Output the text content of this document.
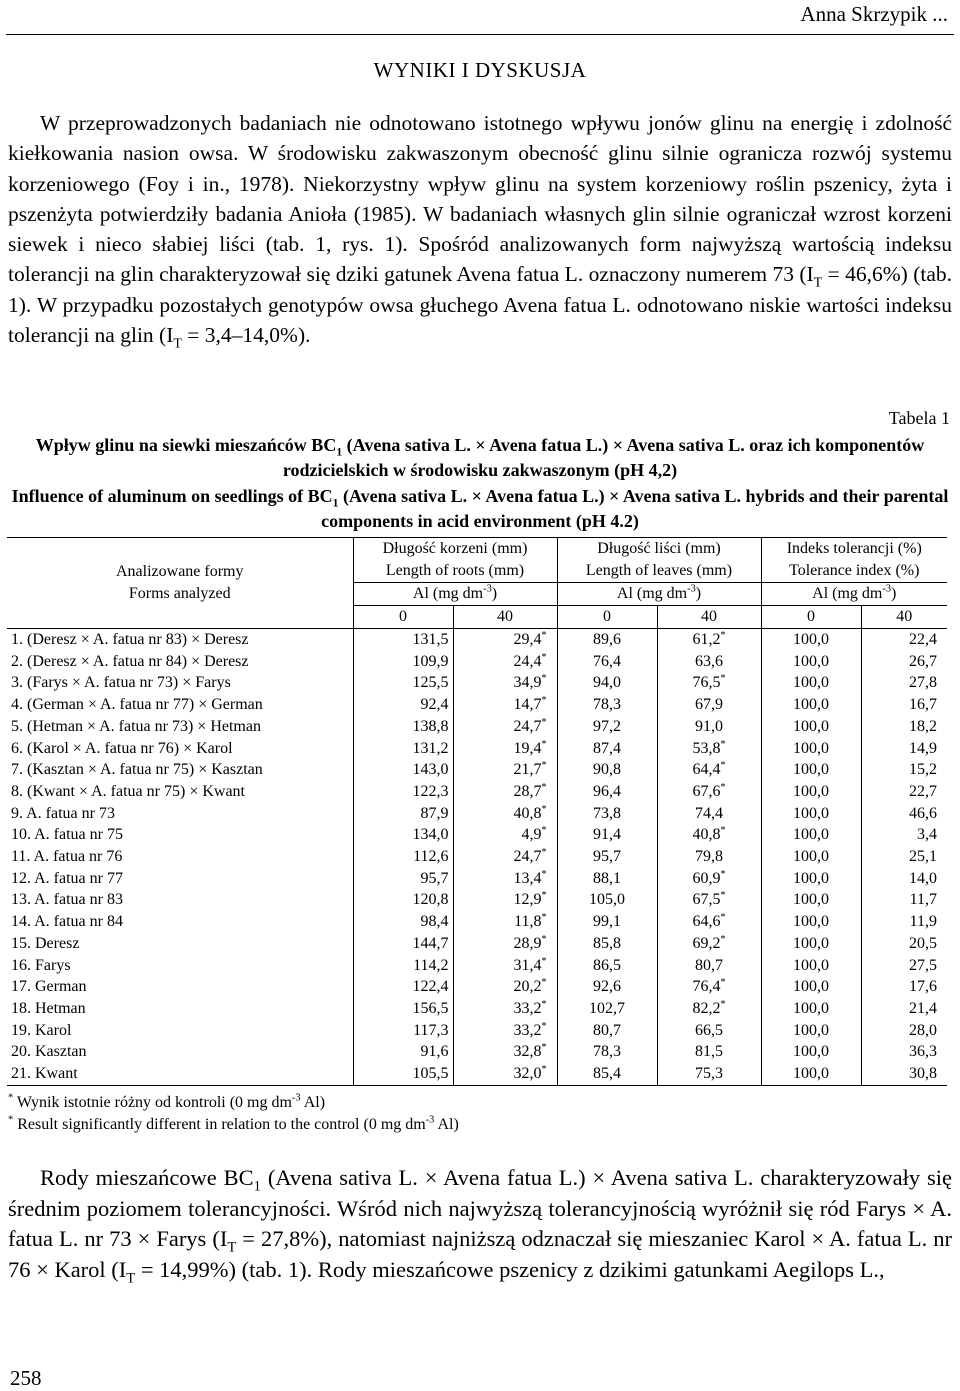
Anna Skrzypik ...
WYNIKI I DYSKUSJA

W przeprowadzonych badaniach nie odnotowano istotnego wpływu jonów glinu na energię i zdolność kiełkowania nasion owsa. W środowisku zakwaszonym obecność glinu silnie ogranicza rozwój systemu korzeniowego (Foy i in., 1978). Niekorzystny wpływ glinu na system korzeniowy roślin pszenicy, żyta i pszenżyta potwierdziły badania Anioła (1985). W badaniach własnych glin silnie ograniczał wzrost korzeni siewek i nieco słabiej liści (tab. 1, rys. 1). Spośród analizowanych form najwyższą wartością indeksu tolerancji na glin charakteryzował się dziki gatunek Avena fatua L. oznaczony numerem 73 $(I_T = 46,6\%)$ (tab. 1). W przypadku pozostałych genotypów owsa głuchego Avena fatua L. odnotowano niskie wartości indeksu tolerancji na glin $(I_T = 3,4-14,0\%)$.

Tabela 1

Wpływ glinu na siewki mieszańców $BC_1$ (Avena sativa L. × Avena fatua L.) × Avena sativa L. oraz ich komponentów rodzicielskich w środowisku zakwaszonym (pH 4,2)

Influence of aluminum on seedlings of $BC_1$ (Avena sativa L. × Avena fatua L.) × Avena sativa L. hybrids and their parental components in acid environment (pH 4.2)

Analizowane formy
Forms analyzed	Długość korzeni (mm)		Długość liści (mm)		Indeks tolerancji (%)	
	Length of roots (mm)		Length of leaves (mm)		Tolerance index (%)	
	Al (mg $dm^{-3}$)		Al (mg $dm^{-3}$)		Al (mg $dm^{-3}$)	
	0	40	0	40	0	40
1. (Deresz × A. fatua nr 83) × Deresz	131,5	29,4*	89,6	61,2*	100,0	22,4
2. (Deresz × A. fatua nr 84) × Deresz	109,9	24,4*	76,4	63,6	100,0	26,7
3. (Farys × A. fatua nr 73) × Farys	125,5	34,9*	94,0	76,5*	100,0	27,8
4. (German × A. fatua nr 77) × German	92,4	14,7*	78,3	67,9	100,0	16,7
5. (Hetman × A. fatua nr 73) × Hetman	138,8	24,7*	97,2	91,0	100,0	18,2
6. (Karol × A. fatua nr 76) × Karol	131,2	19,4*	87,4	53,8*	100,0	14,9
7. (Kasztan × A. fatua nr 75) × Kasztan	143,0	21,7*	90,8	64,4*	100,0	15,2
8. (Kwant × A. fatua nr 75) × Kwant	122,3	28,7*	96,4	67,6*	100,0	22,7
9. A. fatua nr 73	87,9	40,8*	73,8	74,4	100,0	46,6
10. A. fatua nr 75	134,0	4,9*	91,4	40,8*	100,0	3,4
11. A. fatua nr 76	112,6	24,7*	95,7	79,8	100,0	25,1
12. A. fatua nr 77	95,7	13,4*	88,1	60,9*	100,0	14,0
13. A. fatua nr 83	120,8	12,9*	105,0	67,5*	100,0	11,7
14. A. fatua nr 84	98,4	11,8*	99,1	64,6*	100,0	11,9
15. Deresz	144,7	28,9*	85,8	69,2*	100,0	20,5
16. Farys	114,2	31,4*	86,5	80,7	100,0	27,5
17. German	122,4	20,2*	92,6	76,4*	100,0	17,6
18. Hetman	156,5	33,2*	102,7	82,2*	100,0	21,4
19. Karol	117,3	33,2*	80,7	66,5	100,0	28,0
20. Kasztan	91,6	32,8*	78,3	81,5	100,0	36,3
21. Kwant	105,5	32,0*	85,4	75,3	100,0	30,8
* Wynik istotnie różny od kontroli (0 mg $dm^{-3}$ Al)
* Result significantly different in relation to the control (0 mg $dm^{-3}$ Al)

Rody mieszańcowe $BC_1$ (Avena sativa L. × Avena fatua L.) × Avena sativa L. charakteryzowały się średnim poziomem tolerancyjności. Wśród nich najwyższą tolerancyjnością wyróżnił się ród Farys × A. fatua L. nr 73 × Farys $(I_T = 27,8\%)$, natomiast najniższą odznaczał się mieszaniec Karol × A. fatua L. nr 76 × Karol $(I_T = 14,99\%)$ (tab. 1). Rody mieszańcowe pszenicy z dzikimi gatunkami Aegilops L.,

258
